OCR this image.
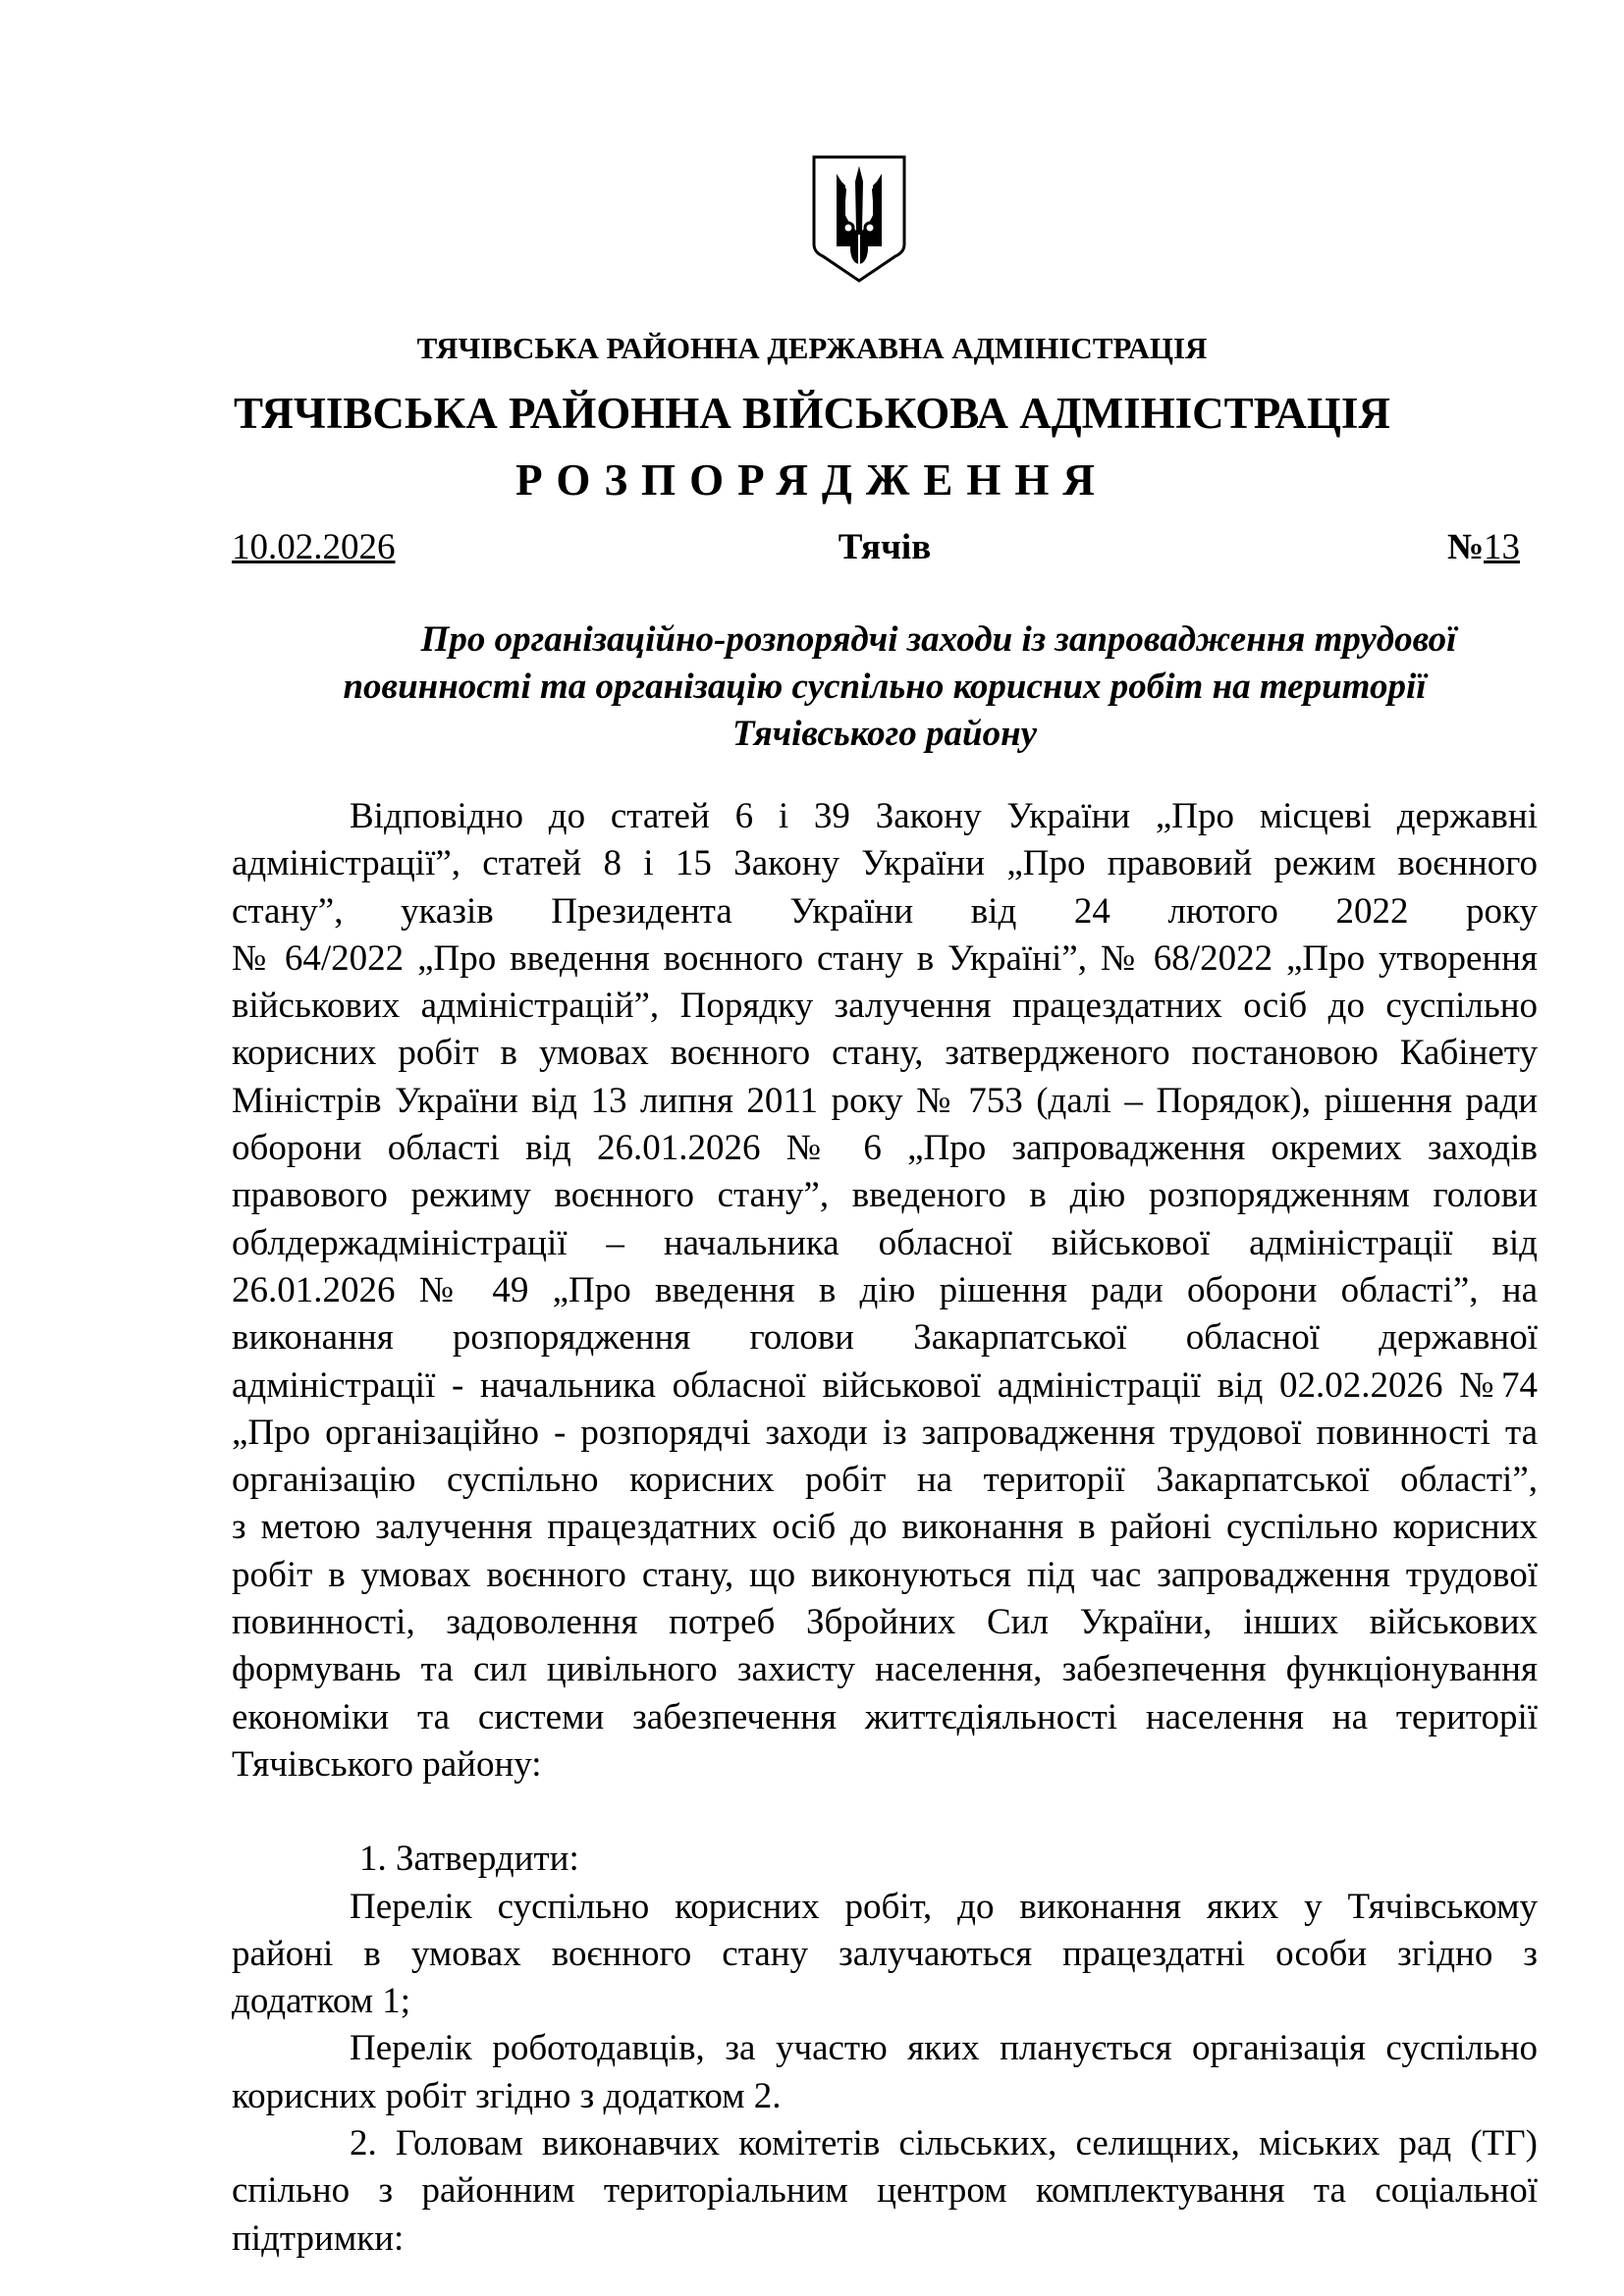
ТЯЧІВСЬКА РАЙОННА ДЕРЖАВНА АДМІНІСТРАЦІЯ
ТЯЧІВСЬКА РАЙОННА ВІЙСЬКОВА АДМІНІСТРАЦІЯ
РОЗПОРЯДЖЕННЯ
10.02.2026	Тячів	№13
Про організаційно-розпорядчі заходи із запровадження трудової
повинності та організацію суспільно корисних робіт на території
Тячівського району
Відповідно до статей 6 і 39 Закону України „Про місцеві державні
адміністрації”, статей 8 і 15 Закону України „Про правовий режим воєнного
стану”, указів Президента України від 24 лютого 2022 року
№ 64/2022 „Про введення воєнного стану в Україні”, № 68/2022 „Про утворення
військових адміністрацій”, Порядку залучення працездатних осіб до суспільно
корисних робіт в умовах воєнного стану, затвердженого постановою Кабінету
Міністрів України від 13 липня 2011 року № 753 (далі – Порядок), рішення ради
оборони області від 26.01.2026 № 6 „Про запровадження окремих заходів
правового режиму воєнного стану”, введеного в дію розпорядженням голови
облдержадміністрації – начальника обласної військової адміністрації від
26.01.2026 № 49 „Про введення в дію рішення ради оборони області”, на
виконання розпорядження голови Закарпатської обласної державної
адміністрації - начальника обласної військової адміністрації від 02.02.2026 №74
„Про організаційно - розпорядчі заходи із запровадження трудової повинності та
організацію суспільно корисних робіт на території Закарпатської області”,
з метою залучення працездатних осіб до виконання в районі суспільно корисних
робіт в умовах воєнного стану, що виконуються під час запровадження трудової
повинності, задоволення потреб Збройних Сил України, інших військових
формувань та сил цивільного захисту населення, забезпечення функціонування
економіки та системи забезпечення життєдіяльності населення на території
Тячівського району:
1. Затвердити:
Перелік суспільно корисних робіт, до виконання яких у Тячівському
районі в умовах воєнного стану залучаються працездатні особи згідно з
додатком 1;
Перелік роботодавців, за участю яких планується організація суспільно
корисних робіт згідно з додатком 2.
2. Головам виконавчих комітетів сільських, селищних, міських рад (ТГ)
спільно з районним територіальним центром комплектування та соціальної
підтримки:
